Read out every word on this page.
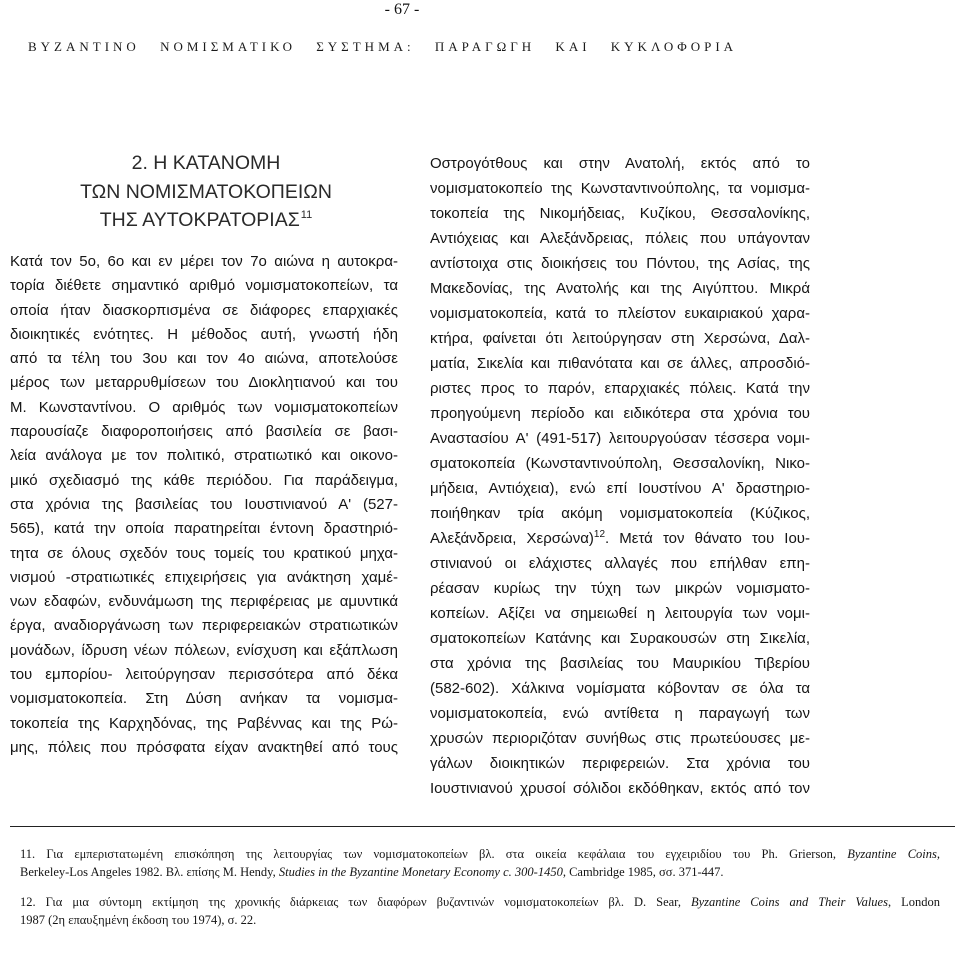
- 67 -
ΒΥΖΑΝΤΙΝΟ ΝΟΜΙΣΜΑΤΙΚΟ ΣΥΣΤΗΜΑ: ΠΑΡΑΓΩΓΗ ΚΑΙ ΚΥΚΛΟΦΟΡΙΑ
2. Η ΚΑΤΑΝΟΜΗ
ΤΩΝ ΝΟΜΙΣΜΑΤΟΚΟΠΕΙΩΝ
ΤΗΣ ΑΥΤΟΚΡΑΤΟΡΙΑΣ$^{11}$
Κατά τον 5ο, 6ο και εν μέρει τον 7ο αιώνα η αυτοκρα-
τορία διέθετε σημαντικό αριθμό νομισματοκοπείων, τα
οποία ήταν διασκορπισμένα σε διάφορες επαρχιακές
διοικητικές ενότητες. Η μέθοδος αυτή, γνωστή ήδη
από τα τέλη του 3ου και τον 4ο αιώνα, αποτελούσε
μέρος των μεταρρυθμίσεων του Διοκλητιανού και του
Μ. Κωνσταντίνου. Ο αριθμός των νομισματοκοπείων
παρουσίαζε διαφοροποιήσεις από βασιλεία σε βασι-
λεία ανάλογα με τον πολιτικό, στρατιωτικό και οικονο-
μικό σχεδιασμό της κάθε περιόδου. Για παράδειγμα,
στα χρόνια της βασιλείας του Ιουστινιανού Α' (527-
565), κατά την οποία παρατηρείται έντονη δραστηριό-
τητα σε όλους σχεδόν τους τομείς του κρατικού μηχα-
νισμού -στρατιωτικές επιχειρήσεις για ανάκτηση χαμέ-
νων εδαφών, ενδυνάμωση της περιφέρειας με αμυντικά
έργα, αναδιοργάνωση των περιφερειακών στρατιωτικών
μονάδων, ίδρυση νέων πόλεων, ενίσχυση και εξάπλωση
του εμπορίου- λειτούργησαν περισσότερα από δέκα
νομισματοκοπεία. Στη Δύση ανήκαν τα νομισμα-
τοκοπεία της Καρχηδόνας, της Ραβέννας και της Ρώ-
μης, πόλεις που πρόσφατα είχαν ανακτηθεί από τους
Οστρογότθους και στην Ανατολή, εκτός από το
νομισματοκοπείο της Κωνσταντινούπολης, τα νομισμα-
τοκοπεία της Νικομήδειας, Κυζίκου, Θεσσαλονίκης,
Αντιόχειας και Αλεξάνδρειας, πόλεις που υπάγονταν
αντίστοιχα στις διοικήσεις του Πόντου, της Ασίας, της
Μακεδονίας, της Ανατολής και της Αιγύπτου. Μικρά
νομισματοκοπεία, κατά το πλείστον ευκαιριακού χαρα-
κτήρα, φαίνεται ότι λειτούργησαν στη Χερσώνα, Δαλ-
ματία, Σικελία και πιθανότατα και σε άλλες, απροσδιό-
ριστες προς το παρόν, επαρχιακές πόλεις. Κατά την
προηγούμενη περίοδο και ειδικότερα στα χρόνια του
Αναστασίου Α' (491-517) λειτουργούσαν τέσσερα νομι-
σματοκοπεία (Κωνσταντινούπολη, Θεσσαλονίκη, Νικο-
μήδεια, Αντιόχεια), ενώ επί Ιουστίνου Α' δραστηριο-
ποιήθηκαν τρία ακόμη νομισματοκοπεία (Κύζικος,
Αλεξάνδρεια, Χερσώνα)$^{12}$. Μετά τον θάνατο του Ιου-
στινιανού οι ελάχιστες αλλαγές που επήλθαν επη-
ρέασαν κυρίως την τύχη των μικρών νομισματο-
κοπείων. Αξίζει να σημειωθεί η λειτουργία των νομι-
σματοκοπείων Κατάνης και Συρακουσών στη Σικελία,
στα χρόνια της βασιλείας του Μαυρικίου Τιβερίου
(582-602). Χάλκινα νομίσματα κόβονταν σε όλα τα
νομισματοκοπεία, ενώ αντίθετα η παραγωγή των
χρυσών περιοριζόταν συνήθως στις πρωτεύουσες με-
γάλων διοικητικών περιφερειών. Στα χρόνια του
Ιουστινιανού χρυσοί σόλιδοι εκδόθηκαν, εκτός από τον
11. Για εμπεριστατωμένη επισκόπηση της λειτουργίας των νομισματοκοπείων βλ. στα οικεία κεφάλαια του εγχειριδίου του Ph. Grierson, Byzantine Coins,
Berkeley-Los Angeles 1982. Βλ. επίσης M. Hendy, Studies in the Byzantine Monetary Economy c. 300-1450, Cambridge 1985, σσ. 371-447.
12. Για μια σύντομη εκτίμηση της χρονικής διάρκειας των διαφόρων βυζαντινών νομισματοκοπείων βλ. D. Sear, Byzantine Coins and Their Values, London
1987 (2η επαυξημένη έκδοση του 1974), σ. 22.
